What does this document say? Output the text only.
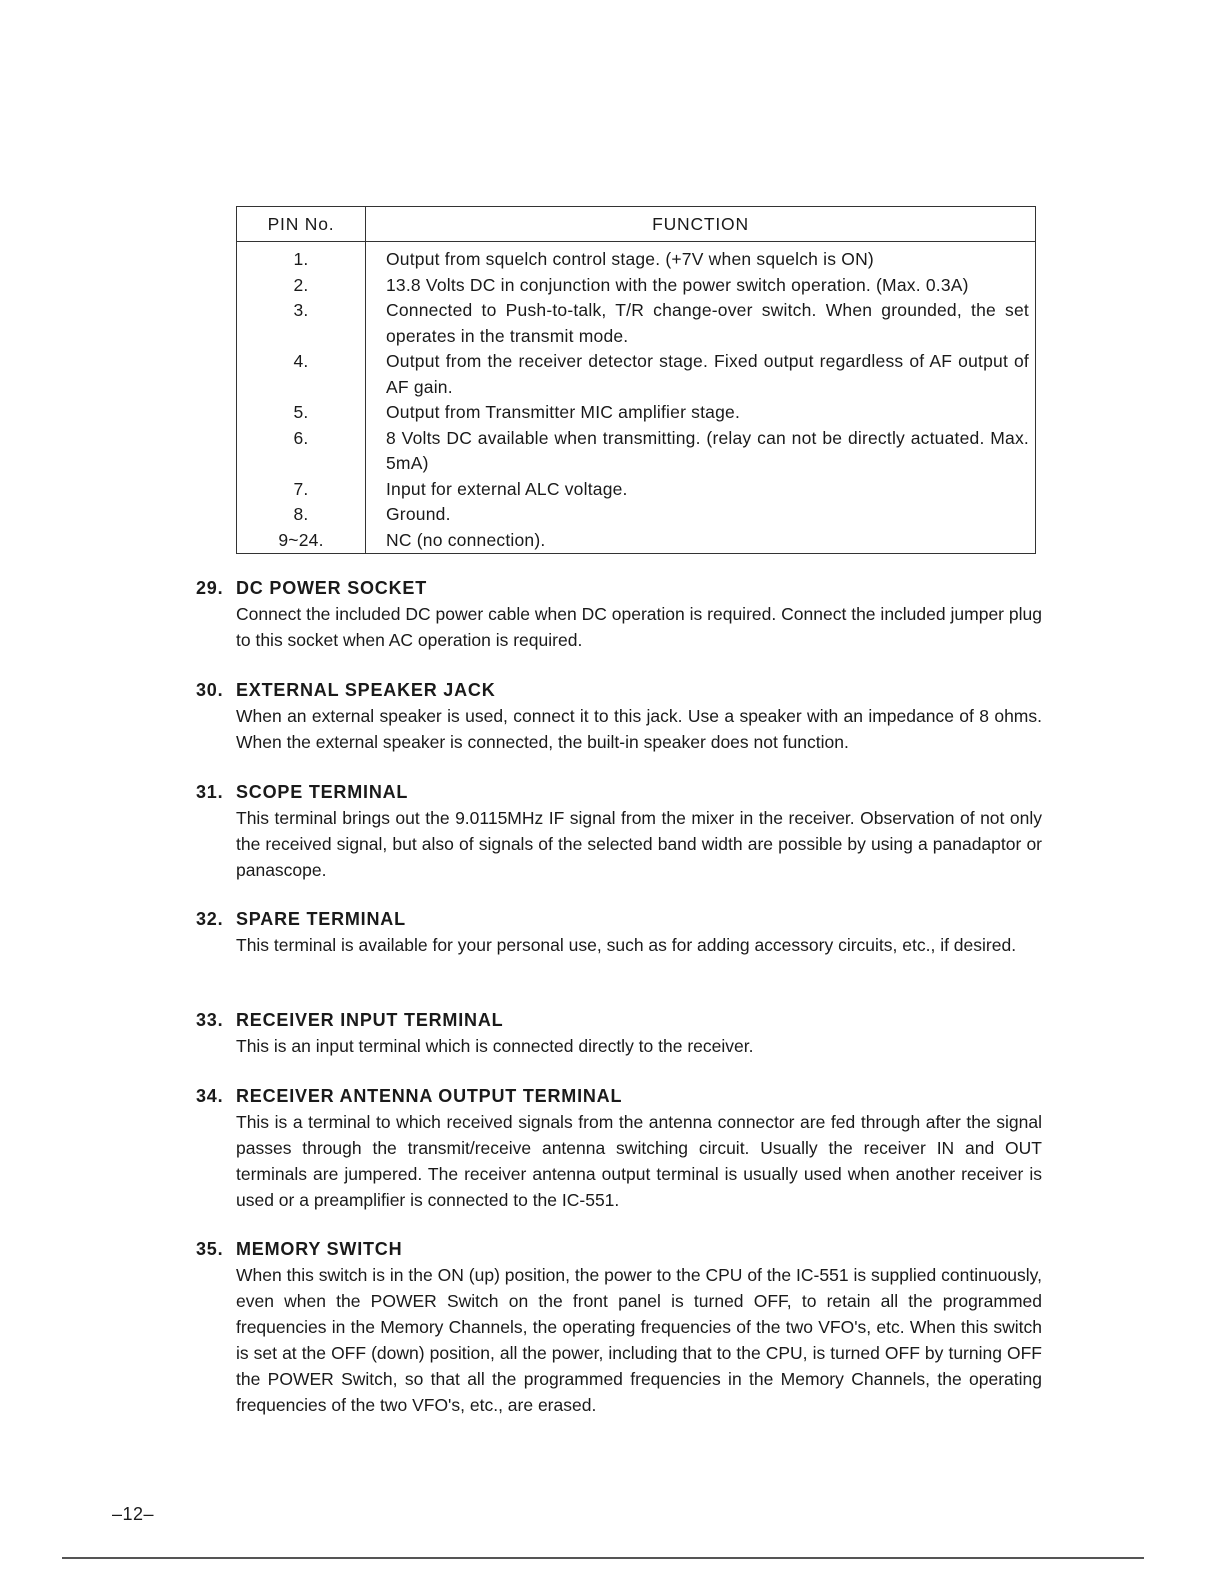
PIN No.	FUNCTION
1.	Output from squelch control stage. (+7V when squelch is ON)
2.	13.8 Volts DC in conjunction with the power switch operation. (Max. 0.3A)
3.	Connected to Push-to-talk, T/R change-over switch. When grounded, the set operates in the transmit mode.
4.	Output from the receiver detector stage. Fixed output regardless of AF output of AF gain.
5.	Output from Transmitter MIC amplifier stage.
6.	8 Volts DC available when transmitting. (relay can not be directly actuated. Max. 5mA)
7.	Input for external ALC voltage.
8.	Ground.
9~24.	NC (no connection).

29. DC POWER SOCKET

Connect the included DC power cable when DC operation is required. Connect the included jumper plug to this socket when AC operation is required.

30. EXTERNAL SPEAKER JACK

When an external speaker is used, connect it to this jack. Use a speaker with an impedance of 8 ohms. When the external speaker is connected, the built-in speaker does not function.

31. SCOPE TERMINAL

This terminal brings out the 9.0115MHz IF signal from the mixer in the receiver. Observation of not only the received signal, but also of signals of the selected band width are possible by using a panadaptor or panascope.

32. SPARE TERMINAL

This terminal is available for your personal use, such as for adding accessory circuits, etc., if desired.

33. RECEIVER INPUT TERMINAL

This is an input terminal which is connected directly to the receiver.

34. RECEIVER ANTENNA OUTPUT TERMINAL

This is a terminal to which received signals from the antenna connector are fed through after the signal passes through the transmit/receive antenna switching circuit. Usually the receiver IN and OUT terminals are jumpered. The receiver antenna output terminal is usually used when another receiver is used or a preamplifier is connected to the IC-551.

35. MEMORY SWITCH

When this switch is in the ON (up) position, the power to the CPU of the IC-551 is supplied continuously, even when the POWER Switch on the front panel is turned OFF, to retain all the programmed frequencies in the Memory Channels, the operating frequencies of the two VFO's, etc. When this switch is set at the OFF (down) position, all the power, including that to the CPU, is turned OFF by turning OFF the POWER Switch, so that all the programmed frequencies in the Memory Channels, the operating frequencies of the two VFO's, etc., are erased.

–12–
